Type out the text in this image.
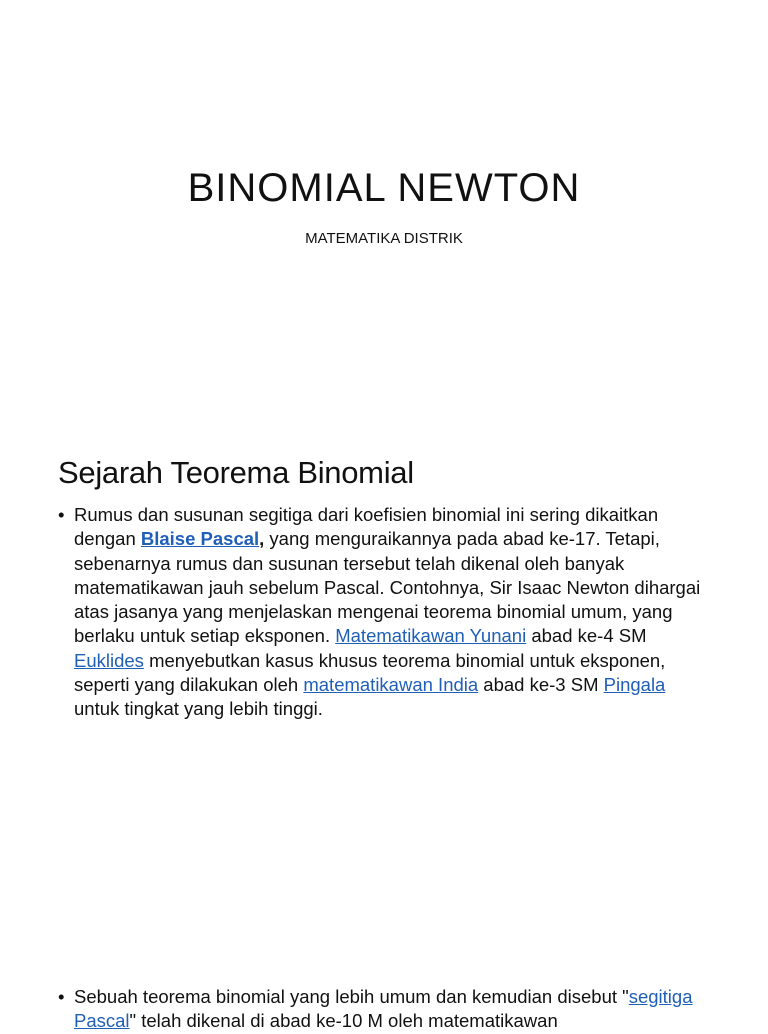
BINOMIAL NEWTON

MATEMATIKA DISTRIK

Sejarah Teorema Binomial
• Rumus dan susunan segitiga dari koefisien binomial ini sering dikaitkan dengan Blaise Pascal, yang menguraikannya pada abad ke-17. Tetapi, sebenarnya rumus dan susunan tersebut telah dikenal oleh banyak matematikawan jauh sebelum Pascal. Contohnya, Sir Isaac Newton dihargai atas jasanya yang menjelaskan mengenai teorema binomial umum, yang berlaku untuk setiap eksponen. Matematikawan Yunani abad ke-4 SM Euklides menyebutkan kasus khusus teorema binomial untuk eksponen, seperti yang dilakukan oleh matematikawan India abad ke-3 SM Pingala untuk tingkat yang lebih tinggi.
• Sebuah teorema binomial yang lebih umum dan kemudian disebut "segitiga Pascal" telah dikenal di abad ke-10 M oleh matematikawan
